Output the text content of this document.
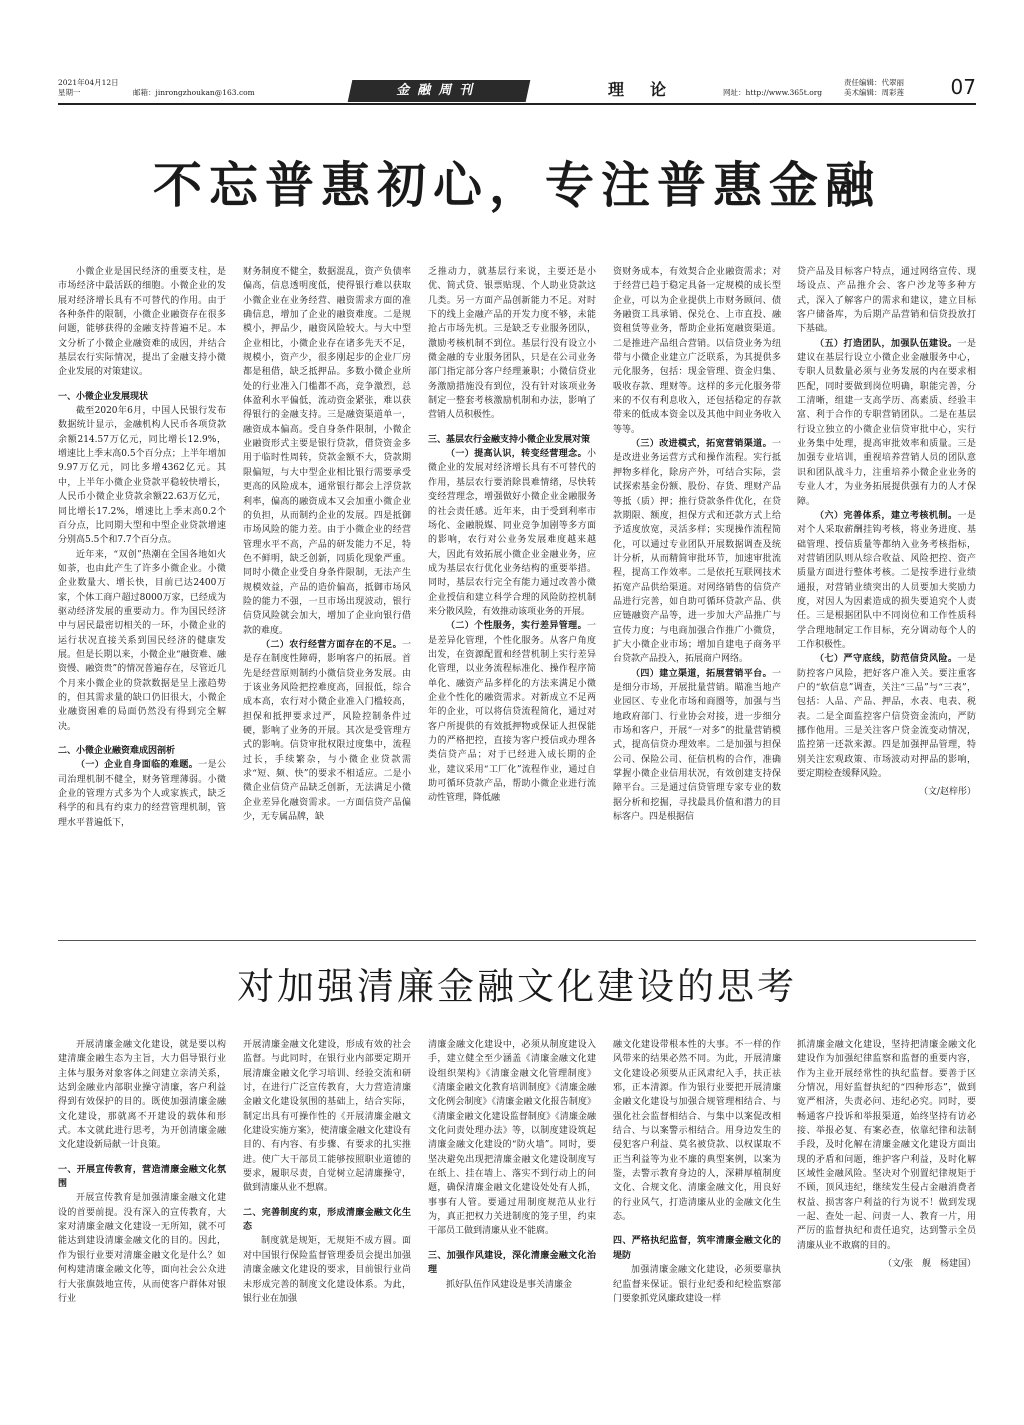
2021年04月12日
星期一	邮箱：jinrongzhoukan@163.com	金融周刊	理论	网址：http://www.365t.org
责任编辑：代翠丽
美术编辑：周彩莲 07
不忘普惠初心，专注普惠金融

小微企业是国民经济的重要支柱，是市场经济中最活跃的细胞。小微企业的发展对经济增长具有不可替代的作用。由于各种条件的限制，小微企业融资存在很多问题，能够获得的金融支持普遍不足。本文分析了小微企业融资难的成因，并结合基层农行实际情况，提出了金融支持小微企业发展的对策建议。

一、小微企业发展现状

截至2020年6月，中国人民银行发布数据统计显示，金融机构人民币各项贷款余额214.57万亿元，同比增长12.9%，增速比上季末高0.5个百分点；上半年增加9.97万亿元，同比多增4362亿元。其中，上半年小微企业贷款平稳较快增长，人民币小微企业贷款余额22.63万亿元，同比增长17.2%，增速比上季末高0.2个百分点，比同期大型和中型企业贷款增速分别高5.5个和7.7个百分点。

近年来，“双创”热潮在全国各地如火如荼，也由此产生了许多小微企业。小微企业数量大、增长快，目前已达2400万家，个体工商户超过8000万家，已经成为驱动经济发展的重要动力。作为国民经济中与居民最密切相关的一环，小微企业的运行状况直接关系到国民经济的健康发展。但是长期以来，小微企业“融资难、融资慢、融资贵”的情况普遍存在，尽管近几个月来小微企业的贷款数据是呈上涨趋势的，但其需求量的缺口仍旧很大，小微企业融资困难的局面仍然没有得到完全解决。

二、小微企业融资难成因剖析

（一）企业自身面临的难题。一是公司治理机制不健全，财务管理薄弱。小微企业的管理方式多为个人或家族式，缺乏科学的和具有约束力的经营管理机制，管理水平普遍低下，

财务制度不健全，数据混乱，资产负债率偏高，信息透明度低，使得银行难以获取小微企业在业务经营、融资需求方面的准确信息，增加了企业的融资难度。二是规模小，押品少，融资风险较大。与大中型企业相比，小微企业存在诸多先天不足，规模小，资产少，很多刚起步的企业厂房都是租借，缺乏抵押品。多数小微企业所处的行业准入门槛都不高，竞争激烈，总体盈利水平偏低，流动资金紧张，难以获得银行的金融支持。三是融资渠道单一，融资成本偏高。受自身条件限制，小微企业融资形式主要是银行贷款，借贷资金多用于临时性周转，贷款金额不大，贷款期限偏短，与大中型企业相比银行需要承受更高的风险成本，通常银行都会上浮贷款利率，偏高的融资成本又会加重小微企业的负担，从而制约企业的发展。四是抵御市场风险的能力差。由于小微企业的经营管理水平不高，产品的研发能力不足，特色不鲜明，缺乏创新，同质化现象严重。同时小微企业受自身条件限制，无法产生规模效益，产品的造价偏高，抵御市场风险的能力不强，一旦市场出现波动，银行信贷风险就会加大，增加了企业向银行借款的难度。

（二）农行经营方面存在的不足。一是存在制度性障碍，影响客户的拓展。首先是经营原则制约小微信贷业务发展。由于该业务风险把控难度高，回报低，综合成本高，农行对小微企业准入门槛较高，担保和抵押要求过严，风险控制条件过硬，影响了业务的开展。其次是受管理方式的影响。信贷审批权限过度集中，流程过长，手续繁杂，与小微企业贷款需求“短、频、快”的要求不相适应。二是小微企业信贷产品缺乏创新，无法满足小微企业差异化融资需求。一方面信贷产品偏少，无专属品牌，缺

乏推动力，就基层行来说，主要还是小优、简式贷、银票贴现、个人助业贷款这几类。另一方面产品创新能力不足。对时下的线上金融产品的开发力度不够，未能抢占市场先机。三是缺乏专业服务团队，激励考核机制不到位。基层行没有设立小微金融的专业服务团队，只是在公司业务部门指定部分客户经理兼职；小微信贷业务激励措施没有到位，没有针对该项业务制定一整套考核激励机制和办法，影响了营销人员积极性。

三、基层农行金融支持小微企业发展对策

（一）提高认识，转变经营理念。小微企业的发展对经济增长具有不可替代的作用，基层农行要消除畏难情绪，尽快转变经营理念，增强做好小微企业金融服务的社会责任感。近年来，由于受到利率市场化、金融脱媒、同业竞争加剧等多方面的影响，农行对公业务发展难度越来越大，因此有效拓展小微企业金融业务，应成为基层农行优化业务结构的重要举措。同时，基层农行完全有能力通过改善小微企业授信和建立科学合理的风险防控机制来分散风险，有效推动该项业务的开展。

（二）个性服务，实行差异管理。一是差异化管理，个性化服务。从客户角度出发，在资源配置和经营机制上实行差异化管理，以业务流程标准化、操作程序简单化、融资产品多样化的方法来满足小微企业个性化的融资需求。对新成立不足两年的企业，可以将信贷流程简化，通过对客户所提供的有效抵押物或保证人担保能力的严格把控，直接为客户授信或办理各类信贷产品；对于已经进入成长期的企业，建议采用“工厂化”流程作业，通过自助可循环贷款产品，帮助小微企业进行流动性管理，降低融

资财务成本，有效契合企业融资需求；对于经营已趋于稳定具备一定规模的成长型企业，可以为企业提供上市财务顾问、债务融资工具承销、保兑仓、上市直投、融资租赁等业务，帮助企业拓宽融资渠道。二是推进产品组合营销。以信贷业务为纽带与小微企业建立广泛联系，为其提供多元化服务，包括：现金管理、资金归集、吸收存款、理财等。这样的多元化服务带来的不仅有利息收入，还包括稳定的存款带来的低成本资金以及其他中间业务收入等等。

（三）改进模式，拓宽营销渠道。一是改进业务运营方式和操作流程。实行抵押物多样化，除房产外，可结合实际，尝试探索基金份额、股份、存货、理财产品等抵（质）押；推行贷款条件优化，在贷款期限、额度，担保方式和还款方式上给予适度放宽，灵活多样；实现操作流程简化，可以通过专业团队开展数据调查及统计分析，从而精简审批环节，加速审批流程，提高工作效率。二是依托互联网技术拓宽产品供给渠道。对网络销售的信贷产品进行完善，如自助可循环贷款产品、供应链融资产品等，进一步加大产品推广与宣传力度；与电商加强合作推广小微贷，扩大小微企业市场；增加自建电子商务平台贷款产品投入，拓展商户网络。

（四）建立渠道，拓展营销平台。一是细分市场，开展批量营销。瞄准当地产业园区、专业化市场和商圈等，加强与当地政府部门、行业协会对接，进一步细分市场和客户，开展“一对多”的批量营销模式，提高信贷办理效率。二是加强与担保公司、保险公司、征信机构的合作，准确掌握小微企业信用状况，有效创建支持保障平台。三是通过信贷管理专家专业的数据分析和挖掘，寻找最具价值和潜力的目标客户。四是根据信

贷产品及目标客户特点，通过网络宣传、现场设点、产品推介会、客户沙龙等多种方式，深入了解客户的需求和建议，建立目标客户储备库，为后期产品营销和信贷投放打下基础。

（五）打造团队，加强队伍建设。一是建议在基层行设立小微企业金融服务中心，专职人员数量必须与业务发展的内在要求相匹配，同时要做到岗位明确，职能完善，分工清晰，组建一支高学历、高素质、经验丰富、利于合作的专职营销团队。二是在基层行设立独立的小微企业信贷审批中心，实行业务集中处理，提高审批效率和质量。三是加强专业培训，重视培养营销人员的团队意识和团队战斗力，注重培养小微企业业务的专业人才，为业务拓展提供强有力的人才保障。

（六）完善体系，建立考核机制。一是对个人采取薪酬挂钩考核，将业务进度、基础管理、授信质量等都纳入业务考核指标，对营销团队则从综合收益、风险把控、资产质量方面进行整体考核。二是按季进行业绩通报，对营销业绩突出的人员要加大奖励力度，对因人为因素造成的损失要追究个人责任。三是根据团队中不同岗位和工作性质科学合理地制定工作目标，充分调动每个人的工作积极性。

（七）严守底线，防范信贷风险。一是防控客户风险，把好客户准入关。要注重客户的“软信息”调查，关注“三品”与“三表”，包括：人品、产品、押品，水表、电表、税表。二是全面监控客户信贷资金流向，严防挪作他用。三是关注客户贷金流变动情况，监控第一还款来源。四是加强押品管理，特别关注宏观政策、市场波动对押品的影响，要定期检查缓释风险。

（文/赵梓彤）

对加强清廉金融文化建设的思考

开展清廉金融文化建设，就是要以构建清廉金融生态为主旨，大力倡导银行业主体与服务对象客体之间建立亲清关系，达到金融业内部职业操守清廉，客户利益得到有效保护的目的。既使加强清廉金融文化建设，那就离不开建设的载体和形式。本文就此进行思考，为开创清廉金融文化建设新局献一计良策。

一、开展宣传教育，营造清廉金融文化氛围

开展宣传教育是加强清廉金融文化建设的首要前提。没有深入的宣传教育，大家对清廉金融文化建设一无所知，就不可能达到建设清廉金融文化的目的。因此，作为银行业要对清廉金融文化是什么？如何构建清廉金融文化等，面向社会公众进行大张旗鼓地宣传，从而使客户群体对银行业

开展清廉金融文化建设，形成有效的社会监督。与此同时，在银行业内部要定期开展清廉金融文化学习培训、经验交流和研讨，在进行广泛宣传教育，大力营造清廉金融文化建设氛围的基础上，结合实际，制定出具有可操作性的《开展清廉金融文化建设实施方案》，使清廉金融文化建设有目的、有内容、有步骤、有要求的扎实推进。使广大干部员工能够按照职业道德的要求，履职尽责，自觉树立起清廉操守，做到清廉从业不想腐。

二、完善制度约束，形成清廉金融文化生态

制度就是规矩，无规矩不成方圆。面对中国银行保险监督管理委员会提出加强清廉金融文化建设的要求，目前银行业尚未形成完善的制度文化建设体系。为此，银行业在加强

清廉金融文化建设中，必须从制度建设入手，建立健全至少涵盖《清廉金融文化建设组织架构》《清廉金融文化管理制度》《清廉金融文化教育培训制度》《清廉金融文化例会制度》《清廉金融文化报告制度》《清廉金融文化建设监督制度》《清廉金融文化问责处理办法》等，以制度建设筑起清廉金融文化建设的“防火墙”。同时，要坚决避免出现把清廉金融文化建设制度写在纸上、挂在墙上、落实不到行动上的问题，确保清廉金融文化建设处处有人抓，事事有人管。要通过用制度规范从业行为，真正把权力关进制度的笼子里，约束干部员工做到清廉从业不能腐。

三、加强作风建设，深化清廉金融文化治理

抓好队伍作风建设是事关清廉金

融文化建设带根本性的大事。不一样的作风带来的结果必然不同。为此，开展清廉文化建设必须要从正风肃纪入手，扶正祛邪，正本清源。作为银行业要把开展清廉金融文化建设与加强合规管理相结合、与强化社会监督相结合、与集中以案促改相结合、与以案警示相结合。用身边发生的侵犯客户利益、莫名被贷款、以权谋取不正当利益等为业不廉的典型案例，以案为鉴，去警示教育身边的人，深耕厚植制度文化、合规文化、清廉金融文化，用良好的行业风气，打造清廉从业的金融文化生态。

四、严格执纪监督，筑牢清廉金融文化的堤防

加强清廉金融文化建设，必须要靠执纪监督来保证。银行业纪委和纪检监察部门要象抓党风廉政建设一样

抓清廉金融文化建设，坚持把清廉金融文化建设作为加强纪律监察和监督的重要内容，作为主业开展经常性的执纪监督。要善于区分情况，用好监督执纪的“四种形态”，做到宽严相济，失责必问、违纪必究。同时，要畅通客户投诉和举报渠道，始终坚持有访必接、举报必复、有案必查，依靠纪律和法制手段，及时化解在清廉金融文化建设方面出现的矛盾和问题，维护客户利益，及时化解区域性金融风险。坚决对个别置纪律规矩于不顾，顶风违纪，继续发生侵占金融消费者权益、损害客户利益的行为说不！做到发现一起、查处一起、问责一人、教育一片，用严厉的监督执纪和责任追究，达到警示全员清廉从业不敢腐的目的。

（文/张　舰　杨建国）
